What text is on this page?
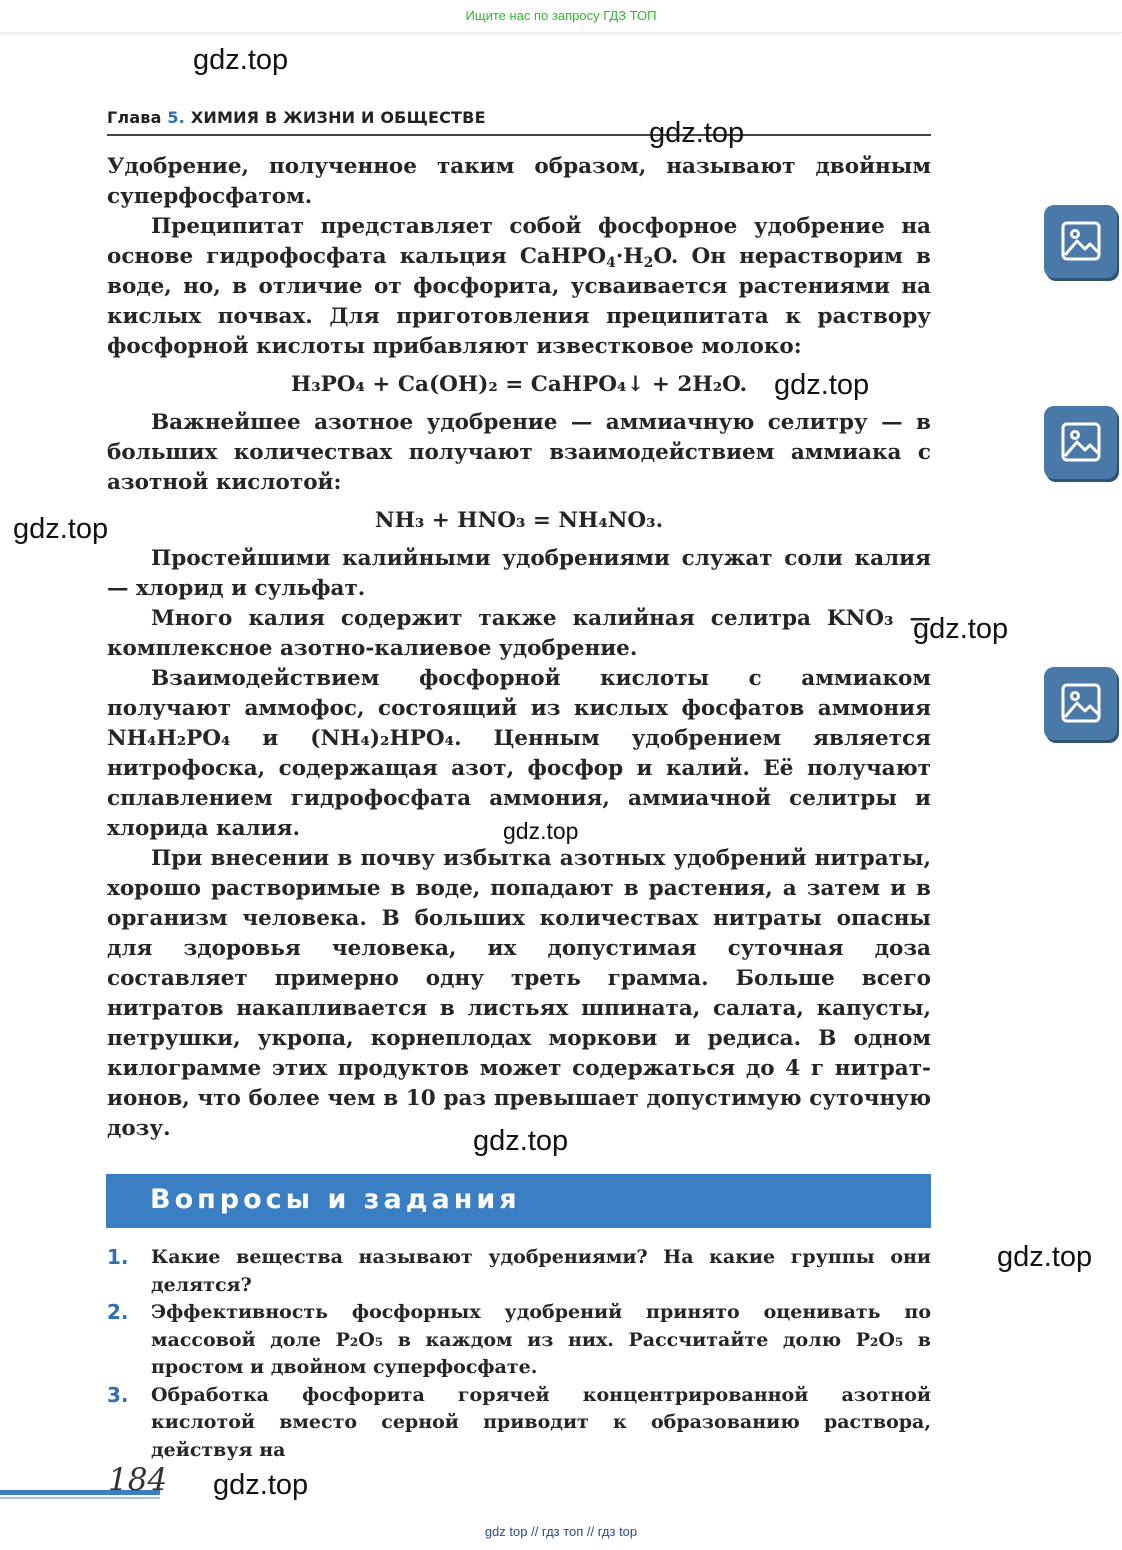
Ищите нас по запросу ГДЗ ТОП
gdz.top
Глава 5. ХИМИЯ В ЖИЗНИ И ОБЩЕСТВЕ	gdz.top

Удобрение, полученное таким образом, называют двойным суперфосфатом.

Преципитат представляет собой фосфорное удобрение на основе гидрофосфата кальция $CaHPO_4\cdot H_2O$. Он нерастворим в воде, но, в отличие от фосфорита, усваивается растениями на кислых почвах. Для приготовления преципитата к раствору фосфорной кислоты прибавляют известковое молоко:

H₃PO₄ + Ca(OH)₂ = CaHPO₄↓ + 2H₂O.

Важнейшее азотное удобрение — аммиачную селитру — в больших количествах получают взаимодействием аммиака с азотной кислотой:

NH₃ + HNO₃ = NH₄NO₃.

Простейшими калийными удобрениями служат соли калия — хлорид и сульфат.

Много калия содержит также калийная селитра KNO₃ — комплексное азотно-калиевое удобрение.

Взаимодействием фосфорной кислоты с аммиаком получают аммофос, состоящий из кислых фосфатов аммония NH₄H₂PO₄ и (NH₄)₂HPO₄. Ценным удобрением является нитрофоска, содержащая азот, фосфор и калий. Её получают сплавлением гидрофосфата аммония, аммиачной селитры и хлорида калия.

При внесении в почву избытка азотных удобрений нитраты, хорошо растворимые в воде, попадают в растения, а затем и в организм человека. В больших количествах нитраты опасны для здоровья человека, их допустимая суточная доза составляет примерно одну треть грамма. Больше всего нитратов накапливается в листьях шпината, салата, капусты, петрушки, укропа, корнеплодах моркови и редиса. В одном килограмме этих продуктов может содержаться до 4 г нитрат-ионов, что более чем в 10 раз превышает допустимую суточную дозу.

gdz.top
gdz.top
gdz.top
gdz.top
gdz.top
gdz.top
gdz.top
Вопросы и задания
1. Какие вещества называют удобрениями? На какие группы они делятся?
2. Эффективность фосфорных удобрений принято оценивать по массовой доле P₂O₅ в каждом из них. Рассчитайте долю P₂O₅ в простом и двойном суперфосфате.
3. Обработка фосфорита горячей концентрированной азотной кислотой вместо серной приводит к образованию раствора, действуя на
184
gdz top // гдз топ // гдз top
